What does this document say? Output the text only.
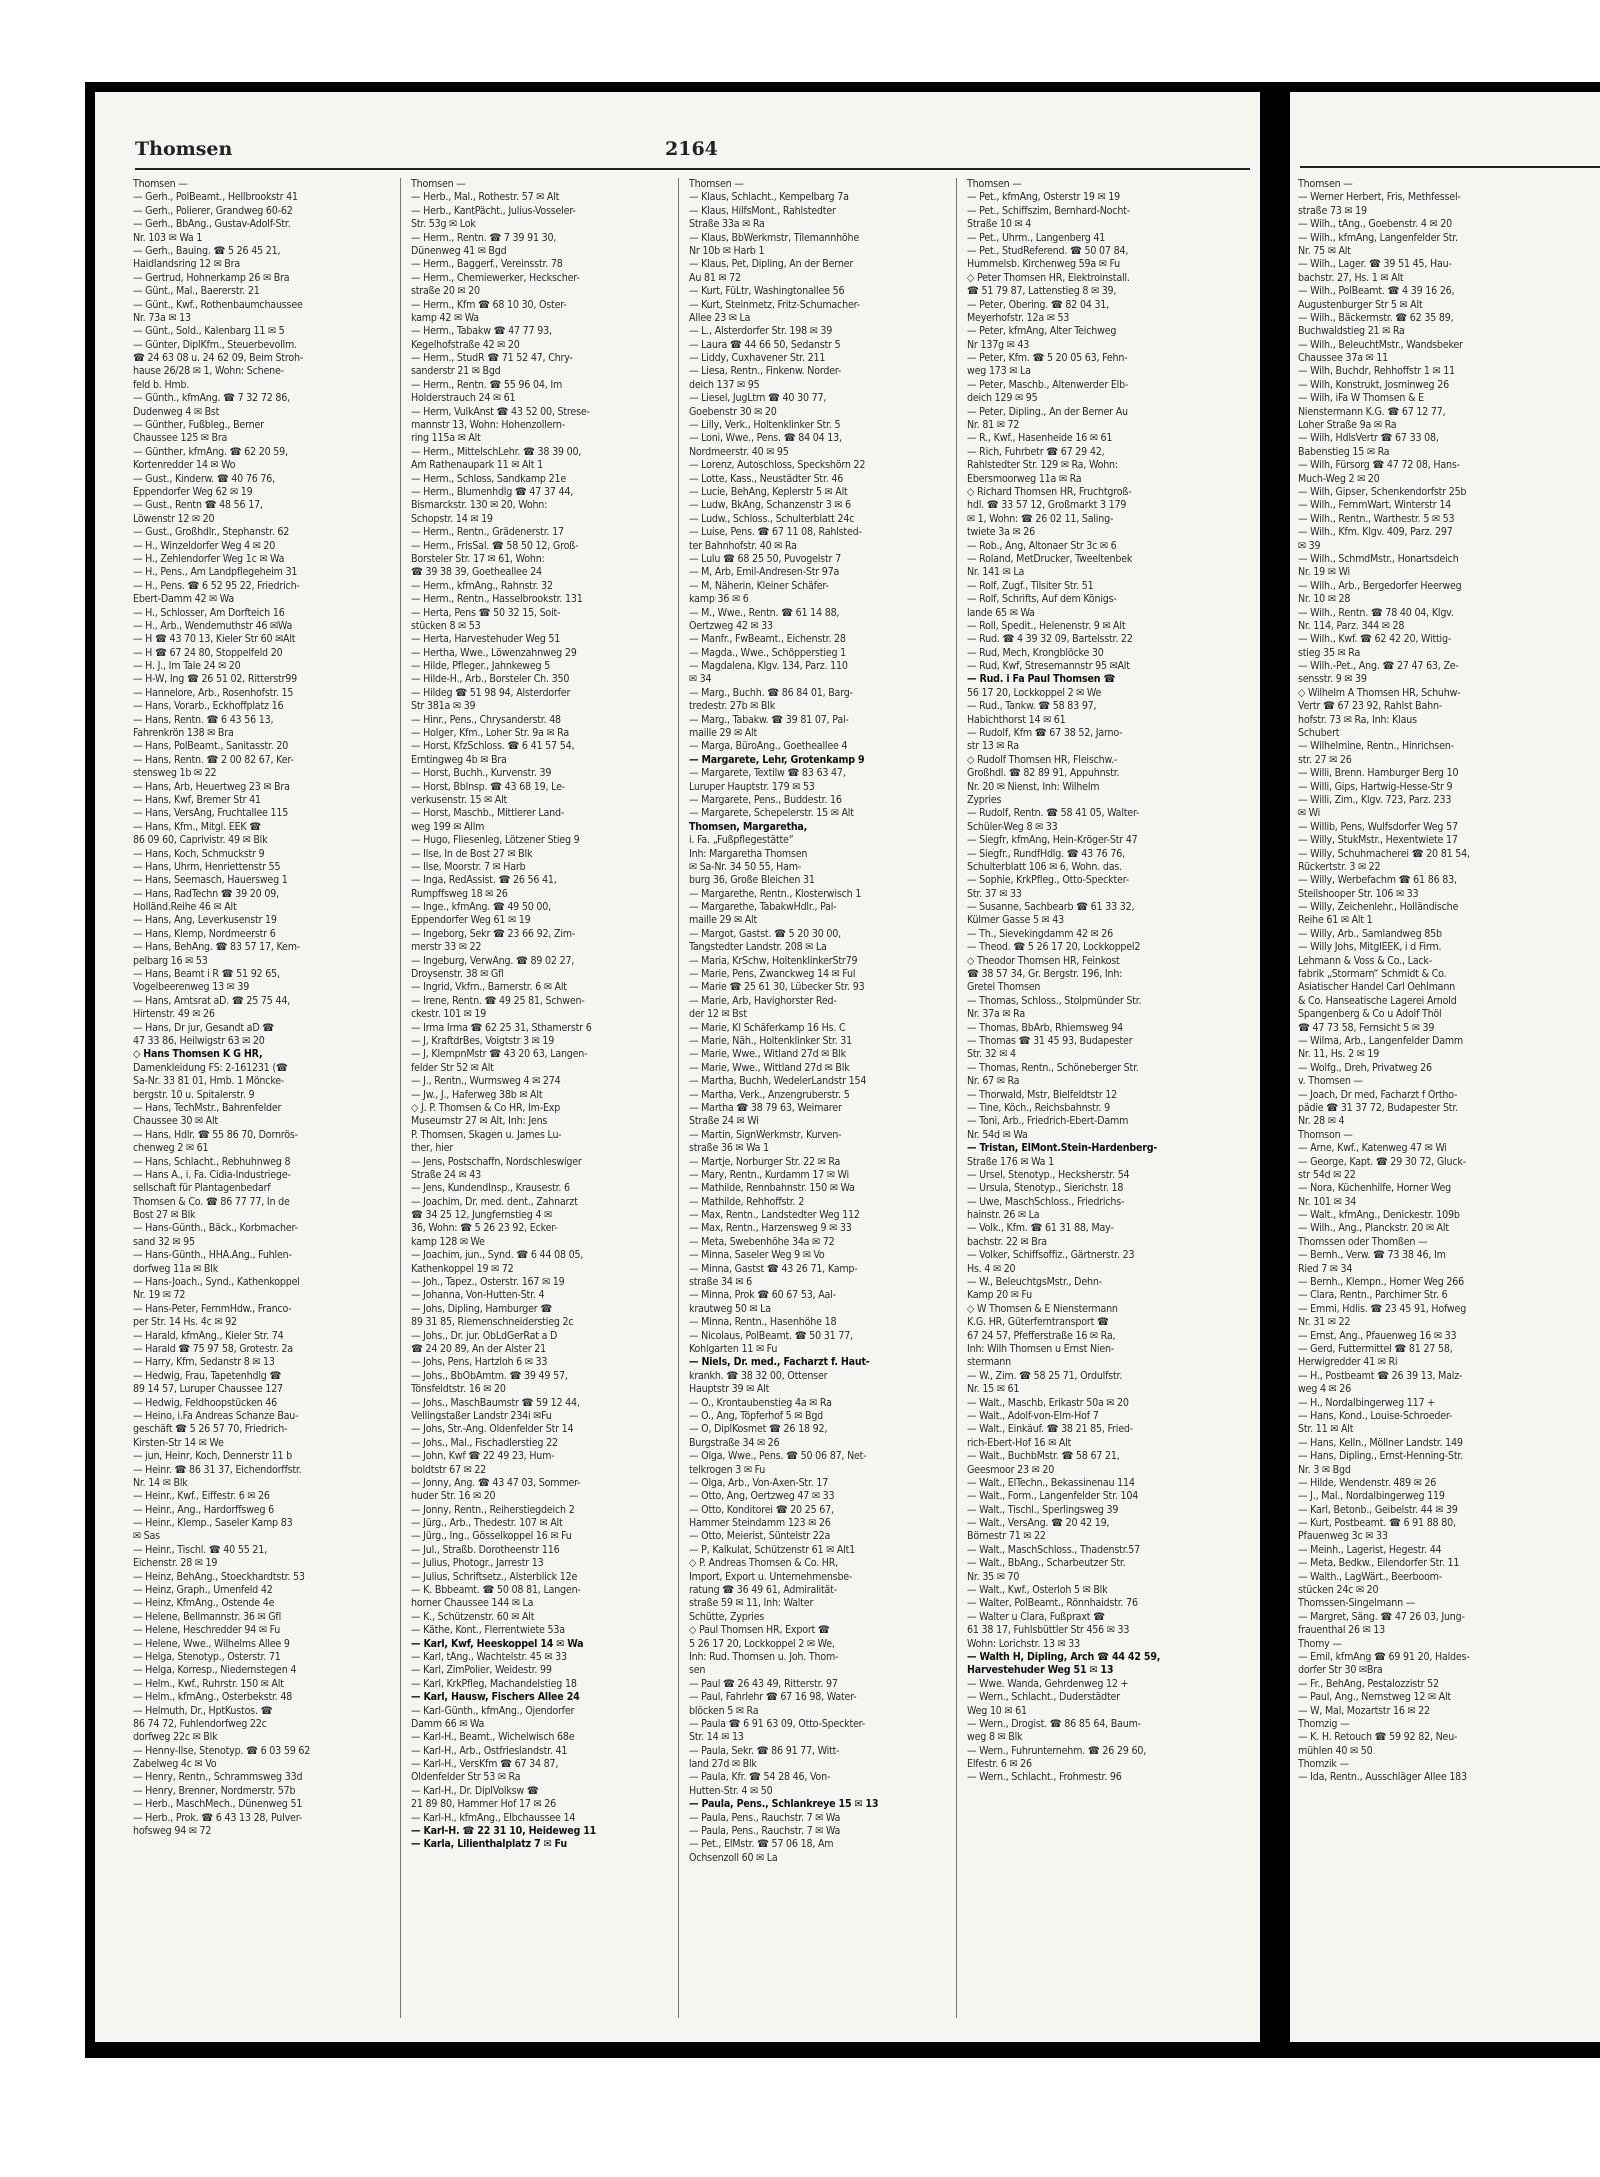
Thomsen	2164
Thomsen —
— Gerh., PolBeamt., Hellbrookstr 41
— Gerh., Polierer, Grandweg 60-62
— Gerh., BbAng., Gustav-Adolf-Str.
Nr. 103 ✉ Wa 1
— Gerh., Bauing. ☎ 5 26 45 21,
Haidlandsring 12 ✉ Bra
— Gertrud, Hohnerkamp 26 ✉ Bra
— Günt., Mal., Baererstr. 21
— Günt., Kwf., Rothenbaumchaussee
Nr. 73a ✉ 13
— Günt., Sold., Kalenbarg 11 ✉ 5
— Günter, DiplKfm., Steuerbevollm.
☎ 24 63 08 u. 24 62 09, Beim Stroh-
hause 26/28 ✉ 1, Wohn: Schene-
feld b. Hmb.
— Günth., kfmAng. ☎ 7 32 72 86,
Dudenweg 4 ✉ Bst
— Günther, Fußbleg., Berner
Chaussee 125 ✉ Bra
— Günther, kfmAng. ☎ 62 20 59,
Kortenredder 14 ✉ Wo
— Gust., Kinderw. ☎ 40 76 76,
Eppendorfer Weg 62 ✉ 19
— Gust., Rentn ☎ 48 56 17,
Löwenstr 12 ✉ 20
— Gust., Großhdlr., Stephanstr. 62
— H., Winzeldorfer Weg 4 ✉ 20
— H., Zehlendorfer Weg 1c ✉ Wa
— H., Pens., Am Landpflegeheim 31
— H., Pens. ☎ 6 52 95 22, Friedrich-
Ebert-Damm 42 ✉ Wa
— H., Schlosser, Am Dorfteich 16
— H., Arb., Wendemuthstr 46 ✉Wa
— H ☎ 43 70 13, Kieler Str 60 ✉Alt
— H ☎ 67 24 80, Stoppelfeld 20
— H. J., Im Tale 24 ✉ 20
— H-W, Ing ☎ 26 51 02, Ritterstr99
— Hannelore, Arb., Rosenhofstr. 15
— Hans, Vorarb., Eckhoffplatz 16
— Hans, Rentn. ☎ 6 43 56 13,
Fahrenkrön 138 ✉ Bra
— Hans, PolBeamt., Sanitasstr. 20
— Hans, Rentn. ☎ 2 00 82 67, Ker-
stensweg 1b ✉ 22
— Hans, Arb, Heuertweg 23 ✉ Bra
— Hans, Kwf, Bremer Str 41
— Hans, VersAng, Fruchtallee 115
— Hans, Kfm., Mitgl. EEK ☎
86 09 60, Caprivistr. 49 ✉ Blk
— Hans, Koch, Schmuckstr 9
— Hans, Uhrm, Henriettenstr 55
— Hans, Seemasch, Hauersweg 1
— Hans, RadTechn ☎ 39 20 09,
Holländ.Reihe 46 ✉ Alt
— Hans, Ang, Leverkusenstr 19
— Hans, Klemp, Nordmeerstr 6
— Hans, BehAng. ☎ 83 57 17, Kem-
pelbarg 16 ✉ 53
— Hans, Beamt i R ☎ 51 92 65,
Vogelbeerenweg 13 ✉ 39
— Hans, Amtsrat aD. ☎ 25 75 44,
Hirtenstr. 49 ✉ 26
— Hans, Dr jur, Gesandt aD ☎
47 33 86, Heilwigstr 63 ✉ 20
◇ Hans Thomsen K G HR,
Damenkleidung FS: 2-161231 (☎
Sa-Nr. 33 81 01, Hmb. 1 Möncke-
bergstr. 10 u. Spitalerstr. 9
— Hans, TechMstr., Bahrenfelder
Chaussee 30 ✉ Alt
— Hans, Hdlr. ☎ 55 86 70, Dornrös-
chenweg 2 ✉ 61
— Hans, Schlacht., Rebhuhnweg 8
— Hans A., i. Fa. Cidia-Industriege-
sellschaft für Plantagenbedarf
Thomsen & Co. ☎ 86 77 77, In de
Bost 27 ✉ Blk
— Hans-Günth., Bäck., Korbmacher-
sand 32 ✉ 95
— Hans-Günth., HHA.Ang., Fuhlen-
dorfweg 11a ✉ Blk
— Hans-Joach., Synd., Kathenkoppel
Nr. 19 ✉ 72
— Hans-Peter, FernmHdw., Franco-
per Str. 14 Hs. 4c ✉ 92
— Harald, kfmAng., Kieler Str. 74
— Harald ☎ 75 97 58, Grotestr. 2a
— Harry, Kfm, Sedanstr 8 ✉ 13
— Hedwig, Frau, Tapetenhdlg ☎
89 14 57, Luruper Chaussee 127
— Hedwig, Feldhoopstücken 46
— Heino, i.Fa Andreas Schanze Bau-
geschäft ☎ 5 26 57 70, Friedrich-
Kirsten-Str 14 ✉ We
— jun, Heinr, Koch, Dennerstr 11 b
— Heinr. ☎ 86 31 37, Eichendorffstr.
Nr. 14 ✉ Blk
— Heinr., Kwf., Eiffestr. 6 ✉ 26
— Heinr., Ang., Hardorffsweg 6
— Heinr., Klemp., Saseler Kamp 83
✉ Sas
— Heinr., Tischl. ☎ 40 55 21,
Eichenstr. 28 ✉ 19
— Heinz, BehAng., Stoeckhardtstr. 53
— Heinz, Graph., Urnenfeld 42
— Heinz, KfmAng., Ostende 4e
— Helene, Bellmannstr. 36 ✉ Gfl
— Helene, Heschredder 94 ✉ Fu
— Helene, Wwe., Wilhelms Allee 9
— Helga, Stenotyp., Osterstr. 71
— Helga, Korresp., Niedernstegen 4
— Helm., Kwf., Ruhrstr. 150 ✉ Alt
— Helm., kfmAng., Osterbekstr. 48
— Helmuth, Dr., HptKustos. ☎
86 74 72, Fuhlendorfweg 22c
dorfweg 22c ✉ Blk
— Henny-Ilse, Stenotyp. ☎ 6 03 59 62
Zabelweg 4c ✉ Vo
— Henry, Rentn., Schrammsweg 33d
— Henry, Brenner, Nordmerstr. 57b
— Herb., MaschMech., Dünenweg 51
— Herb., Prok. ☎ 6 43 13 28, Pulver-
hofsweg 94 ✉ 72
Thomsen —
— Herb., Mal., Rothestr. 57 ✉ Alt
— Herb., KantPächt., Julius-Vosseler-
Str. 53g ✉ Lok
— Herm., Rentn. ☎ 7 39 91 30,
Dünenweg 41 ✉ Bgd
— Herm., Baggerf., Vereinsstr. 78
— Herm., Chemiewerker, Heckscher-
straße 20 ✉ 20
— Herm., Kfm ☎ 68 10 30, Oster-
kamp 42 ✉ Wa
— Herm., Tabakw ☎ 47 77 93,
Kegelhofstraße 42 ✉ 20
— Herm., StudR ☎ 71 52 47, Chry-
sanderstr 21 ✉ Bgd
— Herm., Rentn. ☎ 55 96 04, Im
Holderstrauch 24 ✉ 61
— Herm, VulkAnst ☎ 43 52 00, Strese-
mannstr 13, Wohn: Hohenzollern-
ring 115a ✉ Alt
— Herm., MittelschLehr. ☎ 38 39 00,
Am Rathenaupark 11 ✉ Alt 1
— Herm., Schloss, Sandkamp 21e
— Herm., Blumenhdlg ☎ 47 37 44,
Bismarckstr. 130 ✉ 20, Wohn:
Schopstr. 14 ✉ 19
— Herm., Rentn., Grädenerstr. 17
— Herm., FrisSal. ☎ 58 50 12, Groß-
Borsteler Str. 17 ✉ 61, Wohn:
☎ 39 38 39, Goetheallee 24
— Herm., kfmAng., Rahnstr. 32
— Herm., Rentn., Hasselbrookstr. 131
— Herta, Pens ☎ 50 32 15, Soit-
stücken 8 ✉ 53
— Herta, Harvestehuder Weg 51
— Hertha, Wwe., Löwenzahnweg 29
— Hilde, Pfleger., Jahnkeweg 5
— Hilde-H., Arb., Borsteler Ch. 350
— Hildeg ☎ 51 98 94, Alsterdorfer
Str 381a ✉ 39
— Hinr., Pens., Chrysanderstr. 48
— Holger, Kfm., Loher Str. 9a ✉ Ra
— Horst, KfzSchloss. ☎ 6 41 57 54,
Erntingweg 4b ✉ Bra
— Horst, Buchh., Kurvenstr. 39
— Horst, Bblnsp. ☎ 43 68 19, Le-
verkusenstr. 15 ✉ Alt
— Horst, Maschb., Mittlerer Land-
weg 199 ✉ Allm
— Hugo, Fliesenleg, Lötzener Stieg 9
— Ilse, In de Bost 27 ✉ Blk
— Ilse, Moorstr. 7 ✉ Harb
— Inga, RedAssist. ☎ 26 56 41,
Rumpffsweg 18 ✉ 26
— Inge., kfmAng. ☎ 49 50 00,
Eppendorfer Weg 61 ✉ 19
— Ingeborg, Sekr ☎ 23 66 92, Zim-
merstr 33 ✉ 22
— Ingeburg, VerwAng. ☎ 89 02 27,
Droysenstr. 38 ✉ Gfl
— Ingrid, Vkfrn., Barnerstr. 6 ✉ Alt
— Irene, Rentn. ☎ 49 25 81, Schwen-
ckestr. 101 ✉ 19
— Irma Irma ☎ 62 25 31, Sthamerstr 6
— J, KraftdrBes, Voigtstr 3 ✉ 19
— J, KlempnMstr ☎ 43 20 63, Langen-
felder Str 52 ✉ Alt
— J., Rentn., Wurmsweg 4 ✉ 274
— Jw., J., Haferweg 38b ✉ Alt
◇ J. P. Thomsen & Co HR, Im-Exp
Museumstr 27 ✉ Alt, Inh: Jens
P. Thomsen, Skagen u. James Lu-
ther, hier
— Jens, Postschaffn, Nordschleswiger
Straße 24 ✉ 43
— Jens, KundendInsp., Krausestr. 6
— Joachim, Dr. med. dent., Zahnarzt
☎ 34 25 12, Jungfernstieg 4 ✉
36, Wohn: ☎ 5 26 23 92, Ecker-
kamp 128 ✉ We
— Joachim, jun., Synd. ☎ 6 44 08 05,
Kathenkoppel 19 ✉ 72
— Joh., Tapez., Osterstr. 167 ✉ 19
— Johanna, Von-Hutten-Str. 4
— Johs, Dipling, Hamburger ☎
89 31 85, Riemenschneiderstieg 2c
— Johs., Dr. jur. ObLdGerRat a D
☎ 24 20 89, An der Alster 21
— Johs, Pens, Hartzloh 6 ✉ 33
— Johs., BbObAmtm. ☎ 39 49 57,
Tönsfeldtstr. 16 ✉ 20
— Johs., MaschBaumstr ☎ 59 12 44,
Vellingstaßer Landstr 234i ✉Fu
— Johs, Str.-Ang. Oldenfelder Str 14
— Johs., Mal., Fischadlerstieg 22
— John, Kwf ☎ 22 49 23, Hum-
boldtstr 67 ✉ 22
— Jonny, Ang. ☎ 43 47 03, Sommer-
huder Str. 16 ✉ 20
— Jonny, Rentn., Reiherstiegdeich 2
— Jürg., Arb., Thedestr. 107 ✉ Alt
— Jürg., Ing., Gösselkoppel 16 ✉ Fu
— Jul., Straßb. Dorotheenstr 116
— Julius, Photogr., Jarrestr 13
— Julius, Schriftsetz., Alsterblick 12e
— K. Bbbeamt. ☎ 50 08 81, Langen-
horner Chaussee 144 ✉ La
— K., Schützenstr. 60 ✉ Alt
— Käthe, Kont., Flerrentwiete 53a
— Karl, Kwf, Heeskoppel 14 ✉ Wa
— Karl, tAng., Wachtelstr. 45 ✉ 33
— Karl, ZimPolier, Weidestr. 99
— Karl, KrkPfleg, Machandelstieg 18
— Karl, Hausw, Fischers Allee 24
— Karl-Günth., kfmAng., Ojendorfer
Damm 66 ✉ Wa
— Karl-H., Beamt., Wichelwisch 68e
— Karl-H., Arb., Ostfrieslandstr. 41
— Karl-H., VersKfm ☎ 67 34 87,
Oldenfelder Str 53 ✉ Ra
— Karl-H., Dr. DiplVolksw ☎
21 89 80, Hammer Hof 17 ✉ 26
— Karl-H., kfmAng., Elbchaussee 14
— Karl-H. ☎ 22 31 10, Heideweg 11
— Karla, Lilienthalplatz 7 ✉ Fu
Thomsen —
— Klaus, Schlacht., Kempelbarg 7a
— Klaus, HilfsMont., Rahlstedter
Straße 33a ✉ Ra
— Klaus, BbWerkmstr, Tilemannhöhe
Nr 10b ✉ Harb 1
— Klaus, Pet, Dipling, An der Berner
Au 81 ✉ 72
— Kurt, FüLtr, Washingtonallee 56
— Kurt, Steinmetz, Fritz-Schumacher-
Allee 23 ✉ La
— L., Alsterdorfer Str. 198 ✉ 39
— Laura ☎ 44 66 50, Sedanstr 5
— Liddy, Cuxhavener Str. 211
— Liesa, Rentn., Finkenw. Norder-
deich 137 ✉ 95
— Liesel, JugLtrn ☎ 40 30 77,
Goebenstr 30 ✉ 20
— Lilly, Verk., Holtenklinker Str. 5
— Loni, Wwe., Pens. ☎ 84 04 13,
Nordmeerstr. 40 ✉ 95
— Lorenz, Autoschloss, Speckshörn 22
— Lotte, Kass., Neustädter Str. 46
— Lucie, BehAng, Keplerstr 5 ✉ Alt
— Ludw, BkAng, Schanzenstr 3 ✉ 6
— Ludw., Schloss., Schulterblatt 24c
— Luise, Pens. ☎ 67 11 08, Rahlsted-
ter Bahnhofstr. 40 ✉ Ra
— Lulu ☎ 68 25 50, Puvogelstr 7
— M, Arb, Emil-Andresen-Str 97a
— M, Näherin, Kleiner Schäfer-
kamp 36 ✉ 6
— M., Wwe., Rentn. ☎ 61 14 88,
Oertzweg 42 ✉ 33
— Manfr., FwBeamt., Eichenstr. 28
— Magda., Wwe., Schöpperstieg 1
— Magdalena, Klgv. 134, Parz. 110
✉ 34
— Marg., Buchh. ☎ 86 84 01, Barg-
tredestr. 27b ✉ Blk
— Marg., Tabakw. ☎ 39 81 07, Pal-
maille 29 ✉ Alt
— Marga, BüroAng., Goetheallee 4
— Margarete, Lehr, Grotenkamp 9
— Margarete, Textilw ☎ 83 63 47,
Luruper Hauptstr. 179 ✉ 53
— Margarete, Pens., Buddestr. 16
— Margarete, Schepelerstr. 15 ✉ Alt
Thomsen, Margaretha,
i. Fa. „Fußpflegestätte“
Inh: Margaretha Thomsen
✉ Sa-Nr. 34 50 55, Ham-
burg 36, Große Bleichen 31
— Margarethe, Rentn., Klosterwisch 1
— Margarethe, TabakwHdlr., Pal-
maille 29 ✉ Alt
— Margot, Gastst. ☎ 5 20 30 00,
Tangstedter Landstr. 208 ✉ La
— Maria, KrSchw, HoltenklinkerStr79
— Marie, Pens, Zwanckweg 14 ✉ Ful
— Marie ☎ 25 61 30, Lübecker Str. 93
— Marie, Arb, Havighorster Red-
der 12 ✉ Bst
— Marie, Kl Schäferkamp 16 Hs. C
— Marie, Näh., Holtenklinker Str. 31
— Marie, Wwe., Witland 27d ✉ Blk
— Marie, Wwe., Wittland 27d ✉ Blk
— Martha, Buchh, WedelerLandstr 154
— Martha, Verk., Anzengruberstr. 5
— Martha ☎ 38 79 63, Weimarer
Straße 24 ✉ Wi
— Martin, SignWerkmstr, Kurven-
straße 36 ✉ Wa 1
— Martje, Norburger Str. 22 ✉ Ra
— Mary, Rentn., Kurdamm 17 ✉ Wi
— Mathilde, Rennbahnstr. 150 ✉ Wa
— Mathilde, Rehhoffstr. 2
— Max, Rentn., Landstedter Weg 112
— Max, Rentn., Harzensweg 9 ✉ 33
— Meta, Swebenhöhe 34a ✉ 72
— Minna, Saseler Weg 9 ✉ Vo
— Minna, Gastst ☎ 43 26 71, Kamp-
straße 34 ✉ 6
— Minna, Prok ☎ 60 67 53, Aal-
krautweg 50 ✉ La
— Minna, Rentn., Hasenhöhe 18
— Nicolaus, PolBeamt. ☎ 50 31 77,
Kohlgarten 11 ✉ Fu
— Niels, Dr. med., Facharzt f. Haut-
krankh. ☎ 38 32 00, Ottenser
Hauptstr 39 ✉ Alt
— O., Krontaubenstieg 4a ✉ Ra
— O., Ang, Töpferhof 5 ✉ Bgd
— O, DiplKosmet ☎ 26 18 92,
Burgstraße 34 ✉ 26
— Olga, Wwe., Pens. ☎ 50 06 87, Net-
telkrogen 3 ✉ Fu
— Olga, Arb., Von-Axen-Str. 17
— Otto, Ang, Oertzweg 47 ✉ 33
— Otto, Konditorei ☎ 20 25 67,
Hammer Steindamm 123 ✉ 26
— Otto, Meierist, Süntelstr 22a
— P, Kalkulat, Schützenstr 61 ✉ Alt1
◇ P. Andreas Thomsen & Co. HR,
Import, Export u. Unternehmensbe-
ratung ☎ 36 49 61, Admiralität-
straße 59 ✉ 11, Inh: Walter
Schütte, Zypries
◇ Paul Thomsen HR, Export ☎
5 26 17 20, Lockkoppel 2 ✉ We,
Inh: Rud. Thomsen u. Joh. Thom-
sen
— Paul ☎ 26 43 49, Ritterstr. 97
— Paul, Fahrlehr ☎ 67 16 98, Water-
blöcken 5 ✉ Ra
— Paula ☎ 6 91 63 09, Otto-Speckter-
Str. 14 ✉ 13
— Paula, Sekr. ☎ 86 91 77, Witt-
land 27d ✉ Blk
— Paula, Kfr. ☎ 54 28 46, Von-
Hutten-Str. 4 ✉ 50
— Paula, Pens., Schlankreye 15 ✉ 13
— Paula, Pens., Rauchstr. 7 ✉ Wa
— Paula, Pens., Rauchstr. 7 ✉ Wa
— Pet., ElMstr. ☎ 57 06 18, Am
Ochsenzoll 60 ✉ La
Thomsen —
— Pet., kfmAng, Osterstr 19 ✉ 19
— Pet., Schiffszim, Bernhard-Nocht-
Straße 10 ✉ 4
— Pet., Uhrm., Langenberg 41
— Pet., StudReferend. ☎ 50 07 84,
Hummelsb. Kirchenweg 59a ✉ Fu
◇ Peter Thomsen HR, Elektroinstall.
☎ 51 79 87, Lattenstieg 8 ✉ 39,
— Peter, Obering. ☎ 82 04 31,
Meyerhofstr. 12a ✉ 53
— Peter, kfmAng, Alter Teichweg
Nr 137g ✉ 43
— Peter, Kfm. ☎ 5 20 05 63, Fehn-
weg 173 ✉ La
— Peter, Maschb., Altenwerder Elb-
deich 129 ✉ 95
— Peter, Dipling., An der Berner Au
Nr. 81 ✉ 72
— R., Kwf., Hasenheide 16 ✉ 61
— Rich, Fuhrbetr ☎ 67 29 42,
Rahlstedter Str. 129 ✉ Ra, Wohn:
Ebersmoorweg 11a ✉ Ra
◇ Richard Thomsen HR, Fruchtgroß-
hdl. ☎ 33 57 12, Großmarkt 3 179
✉ 1, Wohn: ☎ 26 02 11, Saling-
twiete 3a ✉ 26
— Rob., Ang, Altonaer Str 3c ✉ 6
— Roland, MetDrucker, Tweeltenbek
Nr. 141 ✉ La
— Rolf, Zugf., Tilsiter Str. 51
— Rolf, Schrifts, Auf dem Königs-
lande 65 ✉ Wa
— Roll, Spedit., Helenenstr. 9 ✉ Alt
— Rud. ☎ 4 39 32 09, Bartelsstr. 22
— Rud, Mech, Krongblöcke 30
— Rud, Kwf, Stresemannstr 95 ✉Alt
— Rud. i Fa Paul Thomsen ☎
56 17 20, Lockkoppel 2 ✉ We
— Rud., Tankw. ☎ 58 83 97,
Habichthorst 14 ✉ 61
— Rudolf, Kfm ☎ 67 38 52, Jarno-
str 13 ✉ Ra
◇ Rudolf Thomsen HR, Fleischw.-
Großhdl. ☎ 82 89 91, Appuhnstr.
Nr. 20 ✉ Nienst, Inh: Wilhelm
Zypries
— Rudolf, Rentn. ☎ 58 41 05, Walter-
Schüler-Weg 8 ✉ 33
— Siegfr, kfmAng, Hein-Kröger-Str 47
— Siegfr., RundfHdlg. ☎ 43 76 76,
Schulterblatt 106 ✉ 6, Wohn. das.
— Sophie, KrkPfleg., Otto-Speckter-
Str. 37 ✉ 33
— Susanne, Sachbearb ☎ 61 33 32,
Külmer Gasse 5 ✉ 43
— Th., Sievekingdamm 42 ✉ 26
— Theod. ☎ 5 26 17 20, Lockkoppel2
◇ Theodor Thomsen HR, Feinkost
☎ 38 57 34, Gr. Bergstr. 196, Inh:
Gretel Thomsen
— Thomas, Schloss., Stolpmünder Str.
Nr. 37a ✉ Ra
— Thomas, BbArb, Rhiemsweg 94
— Thomas ☎ 31 45 93, Budapester
Str. 32 ✉ 4
— Thomas, Rentn., Schöneberger Str.
Nr. 67 ✉ Ra
— Thorwald, Mstr, Bielfeldtstr 12
— Tine, Köch., Reichsbahnstr. 9
— Toni, Arb., Friedrich-Ebert-Damm
Nr. 54d ✉ Wa
— Tristan, ElMont.Stein-Hardenberg-
Straße 176 ✉ Wa 1
— Ursel, Stenotyp., Hecksherstr. 54
— Ursula, Stenotyp., Sierichstr. 18
— Uwe, MaschSchloss., Friedrichs-
hainstr. 26 ✉ La
— Volk., Kfm. ☎ 61 31 88, May-
bachstr. 22 ✉ Bra
— Volker, Schiffsoffiz., Gärtnerstr. 23
Hs. 4 ✉ 20
— W., BeleuchtgsMstr., Dehn-
Kamp 20 ✉ Fu
◇ W Thomsen & E Nienstermann
K.G. HR, Güterferntransport ☎
67 24 57, Pfefferstraße 16 ✉ Ra,
Inh: Wilh Thomsen u Ernst Nien-
stermann
— W., Zim. ☎ 58 25 71, Ordulfstr.
Nr. 15 ✉ 61
— Walt., Maschb, Erikastr 50a ✉ 20
— Walt., Adolf-von-Elm-Hof 7
— Walt., Einkäuf. ☎ 38 21 85, Fried-
rich-Ebert-Hof 16 ✉ Alt
— Walt., BuchbMstr. ☎ 58 67 21,
Geesmoor 23 ✉ 20
— Walt., ElTechn., Bekassinenau 114
— Walt., Form., Langenfelder Str. 104
— Walt., Tischl., Sperlingsweg 39
— Walt., VersAng. ☎ 20 42 19,
Börnestr 71 ✉ 22
— Walt., MaschSchloss., Thadenstr.57
— Walt., BbAng., Scharbeutzer Str.
Nr. 35 ✉ 70
— Walt., Kwf., Osterloh 5 ✉ Blk
— Walter, PolBeamt., Rönnhaidstr. 76
— Walter u Clara, Fußpraxt ☎
61 38 17, Fuhlsbüttler Str 456 ✉ 33
Wohn: Lorichstr. 13 ✉ 33
— Walth H, Dipling, Arch ☎ 44 42 59,
Harvestehuder Weg 51 ✉ 13
— Wwe. Wanda, Gehrdenweg 12 +
— Wern., Schlacht., Duderstädter
Weg 10 ✉ 61
— Wern., Drogist. ☎ 86 85 64, Baum-
weg 8 ✉ Blk
— Wern., Fuhrunternehm. ☎ 26 29 60,
Elfestr. 6 ✉ 26
— Wern., Schlacht., Frohmestr. 96
Thomsen —
— Werner Herbert, Fris, Methfessel-
straße 73 ✉ 19
— Wilh., tAng., Goebenstr. 4 ✉ 20
— Wilh., kfmAng, Langenfelder Str.
Nr. 75 ✉ Alt
— Wilh., Lager. ☎ 39 51 45, Hau-
bachstr. 27, Hs. 1 ✉ Alt
— Wilh., PolBeamt. ☎ 4 39 16 26,
Augustenburger Str 5 ✉ Alt
— Wilh., Bäckermstr. ☎ 62 35 89,
Buchwaldstieg 21 ✉ Ra
— Wilh., BeleuchtMstr., Wandsbeker
Chaussee 37a ✉ 11
— Wilh, Buchdr, Rehhoffstr 1 ✉ 11
— Wilh, Konstrukt, Josminweg 26
— Wilh, iFa W Thomsen & E
Nienstermann K.G. ☎ 67 12 77,
Loher Straße 9a ✉ Ra
— Wilh, HdlsVertr ☎ 67 33 08,
Babenstieg 15 ✉ Ra
— Wilh, Fürsorg ☎ 47 72 08, Hans-
Much-Weg 2 ✉ 20
— Wilh, Gipser, Schenkendorfstr 25b
— Wilh., FernmWart, Winterstr 14
— Wilh., Rentn., Warthestr. 5 ✉ 53
— Wilh., Kfm. Klgv. 409, Parz. 297
✉ 39
— Wilh., SchmdMstr., Honartsdeich
Nr. 19 ✉ Wi
— Wilh., Arb., Bergedorfer Heerweg
Nr. 10 ✉ 28
— Wilh., Rentn. ☎ 78 40 04, Klgv.
Nr. 114, Parz. 344 ✉ 28
— Wilh., Kwf. ☎ 62 42 20, Wittig-
stieg 35 ✉ Ra
— Wilh.-Pet., Ang. ☎ 27 47 63, Ze-
sensstr. 9 ✉ 39
◇ Wilhelm A Thomsen HR, Schuhw-
Vertr ☎ 67 23 92, Rahlst Bahn-
hofstr. 73 ✉ Ra, Inh: Klaus
Schubert
— Wilhelmine, Rentn., Hinrichsen-
str. 27 ✉ 26
— Willi, Brenn. Hamburger Berg 10
— Willi, Gips, Hartwig-Hesse-Str 9
— Willi, Zim., Klgv. 723, Parz. 233
✉ Wi
— Willib, Pens, Wulfsdorfer Weg 57
— Willy, StukMstr., Hexentwiete 17
— Willy, Schuhmacherei ☎ 20 81 54,
Rückertstr. 3 ✉ 22
— Willy, Werbefachm ☎ 61 86 83,
Steilshooper Str. 106 ✉ 33
— Willy, Zeichenlehr., Holländische
Reihe 61 ✉ Alt 1
— Willy, Arb., Samlandweg 85b
— Willy Johs, MitglEEK, i d Firm.
Lehmann & Voss & Co., Lack-
fabrik „Stormarn“ Schmidt & Co.
Asiatischer Handel Carl Oehlmann
& Co. Hanseatische Lagerei Arnold
Spangenberg & Co u Adolf Thöl
☎ 47 73 58, Fernsicht 5 ✉ 39
— Wilma, Arb., Langenfelder Damm
Nr. 11, Hs. 2 ✉ 19
— Wolfg., Dreh, Privatweg 26
v. Thomsen —
— Joach, Dr med, Facharzt f Ortho-
pädie ☎ 31 37 72, Budapester Str.
Nr. 28 ✉ 4
Thomson —
— Arne, Kwf., Katenweg 47 ✉ Wi
— George, Kapt. ☎ 29 30 72, Gluck-
str 54d ✉ 22
— Nora, Küchenhilfe, Horner Weg
Nr. 101 ✉ 34
— Walt., kfmAng., Denickestr. 109b
— Wilh., Ang., Planckstr. 20 ✉ Alt
Thomssen oder Thomßen —
— Bernh., Verw. ☎ 73 38 46, Im
Ried 7 ✉ 34
— Bernh., Klempn., Horner Weg 266
— Clara, Rentn., Parchimer Str. 6
— Emmi, Hdlis. ☎ 23 45 91, Hofweg
Nr. 31 ✉ 22
— Ernst, Ang., Pfauenweg 16 ✉ 33
— Gerd, Futtermittel ☎ 81 27 58,
Herwigredder 41 ✉ Ri
— H., Postbeamt ☎ 26 39 13, Malz-
weg 4 ✉ 26
— H., Nordalbingerweg 117 +
— Hans, Kond., Louise-Schroeder-
Str. 11 ✉ Alt
— Hans, Kelln., Möllner Landstr. 149
— Hans, Dipling., Ernst-Henning-Str.
Nr. 3 ✉ Bgd
— Hilde, Wendenstr. 489 ✉ 26
— J., Mal., Nordalbingerweg 119
— Karl, Betonb., Geibelstr. 44 ✉ 39
— Kurt, Postbeamt. ☎ 6 91 88 80,
Pfauenweg 3c ✉ 33
— Meinh., Lagerist, Hegestr. 44
— Meta, Bedkw., Eilendorfer Str. 11
— Walth., LagWärt., Beerboom-
stücken 24c ✉ 20
Thomssen-Singelmann —
— Margret, Säng. ☎ 47 26 03, Jung-
frauenthal 26 ✉ 13
Thomy —
— Emil, kfmAng ☎ 69 91 20, Haldes-
dorfer Str 30 ✉Bra
— Fr., BehAng, Pestalozzistr 52
— Paul, Ang., Nernstweg 12 ✉ Alt
— W, Mal, Mozartstr 16 ✉ 22
Thomzig —
— K. H. Retouch ☎ 59 92 82, Neu-
mühlen 40 ✉ 50
Thomzik —
— Ida, Rentn., Ausschläger Allee 183
